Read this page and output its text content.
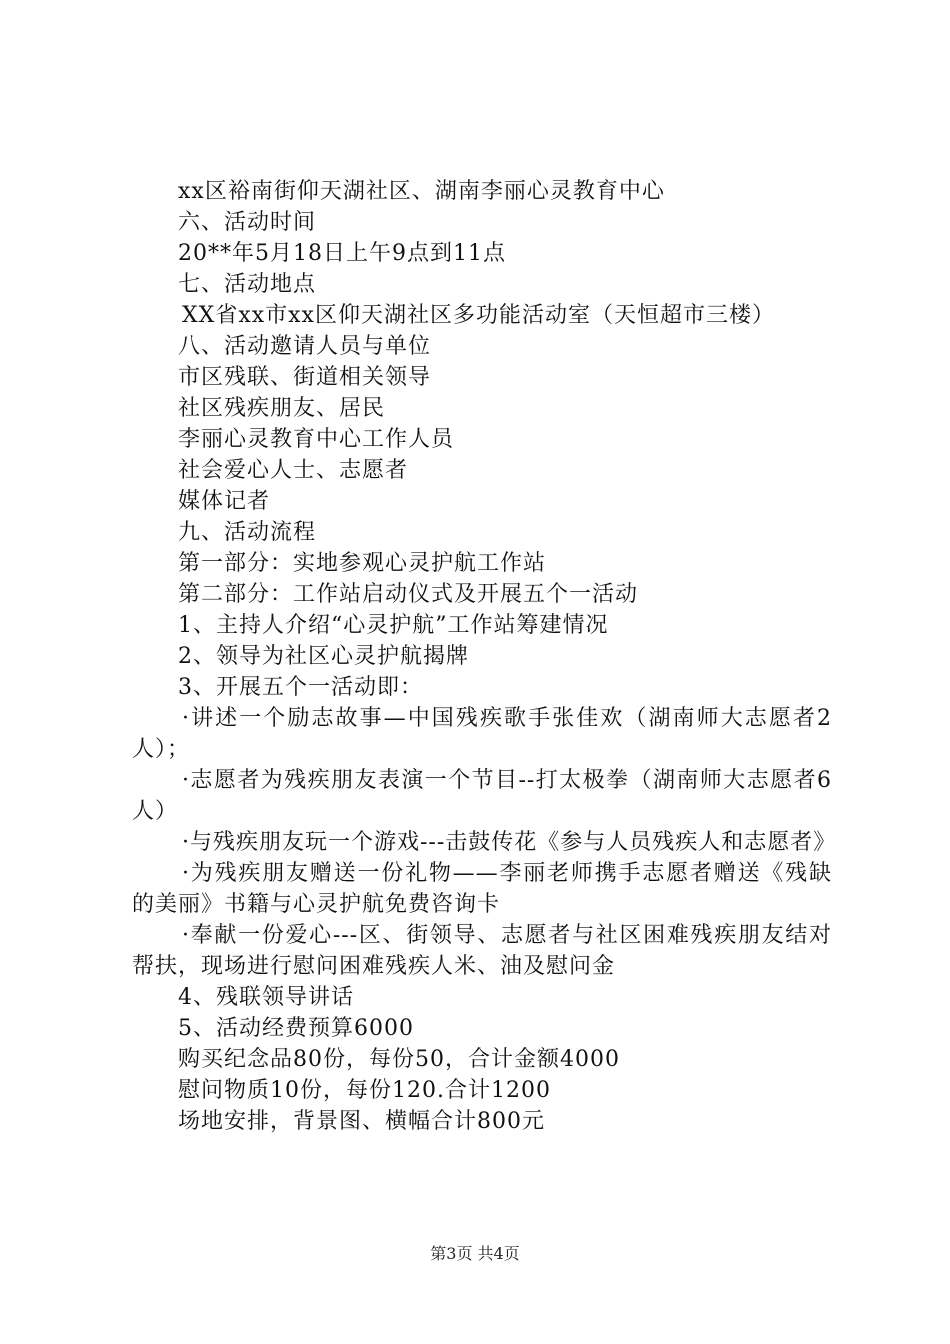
xx区裕南街仰天湖社区、湖南李丽心灵教育中心
六、活动时间
20**年5月18日上午9点到11点
七、活动地点
XX省xx市xx区仰天湖社区多功能活动室（天恒超市三楼）
八、活动邀请人员与单位
市区残联、街道相关领导
社区残疾朋友、居民
李丽心灵教育中心工作人员
社会爱心人士、志愿者
媒体记者
九、活动流程
第一部分：实地参观心灵护航工作站
第二部分：工作站启动仪式及开展五个一活动
1、主持人介绍“心灵护航”工作站筹建情况
2、领导为社区心灵护航揭牌
3、开展五个一活动即：
·讲述一个励志故事—中国残疾歌手张佳欢（湖南师大志愿者2人）；
·志愿者为残疾朋友表演一个节目--打太极拳（湖南师大志愿者6人）
·与残疾朋友玩一个游戏---击鼓传花《参与人员残疾人和志愿者》
·为残疾朋友赠送一份礼物——李丽老师携手志愿者赠送《残缺的美丽》书籍与心灵护航免费咨询卡
·奉献一份爱心---区、街领导、志愿者与社区困难残疾朋友结对帮扶，现场进行慰问困难残疾人米、油及慰问金
4、残联领导讲话
5、活动经费预算6000
购买纪念品80份，每份50，合计金额4000
慰问物质10份，每份120.合计1200
场地安排，背景图、横幅合计800元
第3页 共4页
